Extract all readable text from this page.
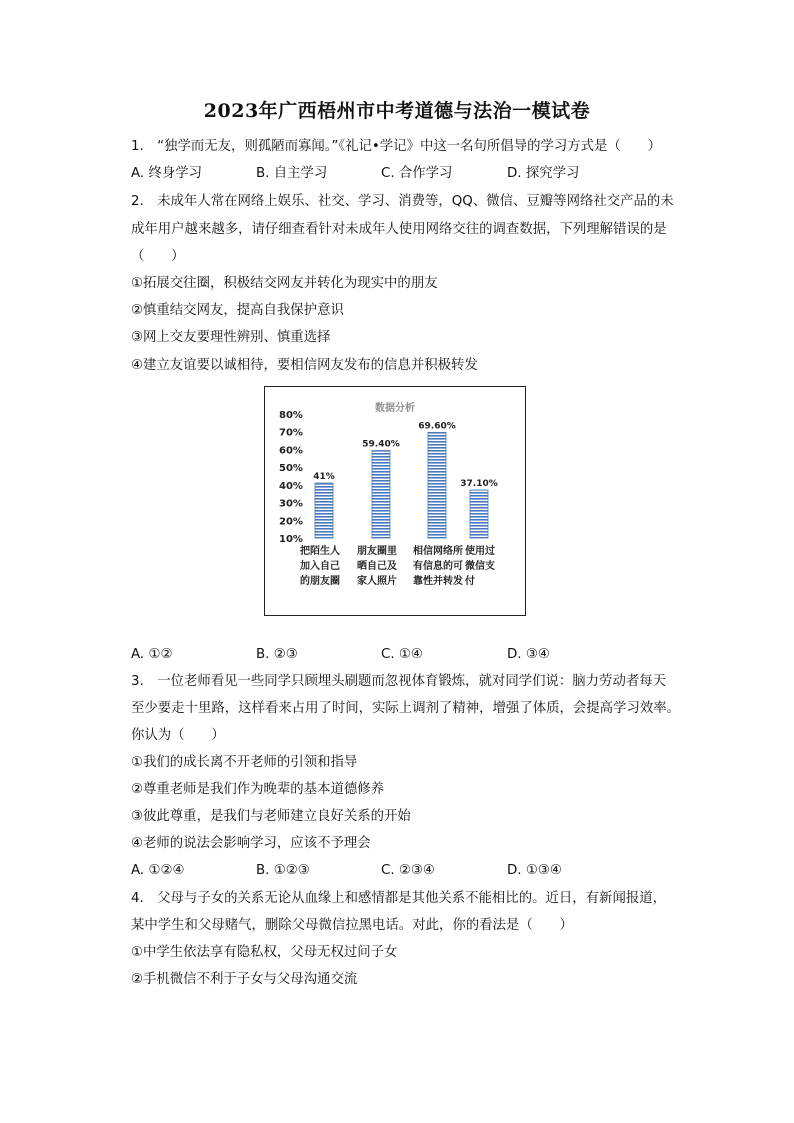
2023年广西梧州市中考道德与法治一模试卷
1.　“独学而无友，则孤陋而寡闻。”《礼记•学记》中这一名句所倡导的学习方式是（　　）
A. 终身学习	B. 自主学习	C. 合作学习	D. 探究学习
2.　未成年人常在网络上娱乐、社交、学习、消费等，QQ、微信、豆瓣等网络社交产品的未
成年用户越来越多，请仔细查看针对未成年人使用网络交往的调查数据，下列理解错误的是
（　　）
①拓展交往圈，积极结交网友并转化为现实中的朋友
②慎重结交网友，提高自我保护意识
③网上交友要理性辨别、慎重选择
④建立友谊要以诚相待，要相信网友发布的信息并积极转发
数据分析
10%
20%
30%
40%
50%
60%
70%
80%
41%
59.40%
69.60%
37.10%
把陌生人
加入自己
的朋友圈
朋友圈里
晒自己及
家人照片
相信网络所
有信息的可
靠性并转发
使用过
微信支
付
A. ①②	B. ②③	C. ①④	D. ③④
3.　一位老师看见一些同学只顾埋头刷题而忽视体育锻炼，就对同学们说：脑力劳动者每天
至少要走十里路，这样看来占用了时间，实际上调剂了精神，增强了体质，会提高学习效率。
你认为（　　）
①我们的成长离不开老师的引领和指导
②尊重老师是我们作为晚辈的基本道德修养
③彼此尊重，是我们与老师建立良好关系的开始
④老师的说法会影响学习，应该不予理会
A. ①②④	B. ①②③	C. ②③④	D. ①③④
4.　父母与子女的关系无论从血缘上和感情都是其他关系不能相比的。近日，有新闻报道，
某中学生和父母赌气，删除父母微信拉黑电话。对此，你的看法是（　　）
①中学生依法享有隐私权，父母无权过问子女
②手机微信不利于子女与父母沟通交流
